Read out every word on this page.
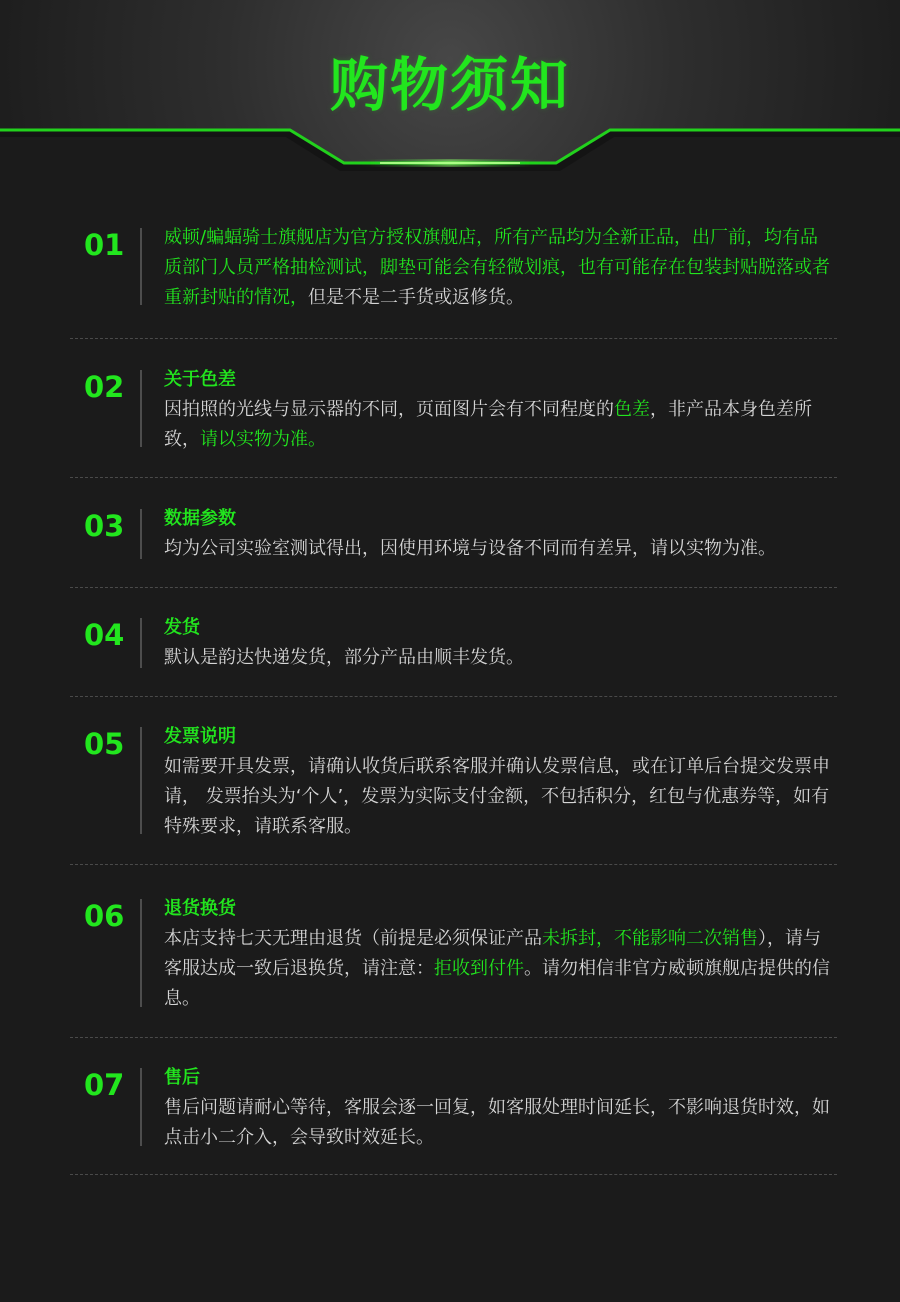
购物须知
01 威顿/蝙蝠骑士旗舰店为官方授权旗舰店，所有产品均为全新正品，出厂前，均有品质部门人员严格抽检测试，脚垫可能会有轻微划痕，也有可能存在包装封贴脱落或者重新封贴的情况，但是不是二手货或返修货。
02 关于色差
因拍照的光线与显示器的不同，页面图片会有不同程度的色差，非产品本身色差所致，请以实物为准。
03 数据参数
均为公司实验室测试得出，因使用环境与设备不同而有差异，请以实物为准。
04 发货
默认是韵达快递发货，部分产品由顺丰发货。
05 发票说明
如需要开具发票，请确认收货后联系客服并确认发票信息，或在订单后台提交发票申请， 发票抬头为‘个人’，发票为实际支付金额，不包括积分，红包与优惠券等，如有特殊要求，请联系客服。
06 退货换货
本店支持七天无理由退货（前提是必须保证产品未拆封，不能影响二次销售），请与客服达成一致后退换货，请注意：拒收到付件。请勿相信非官方威顿旗舰店提供的信息。
07 售后
售后问题请耐心等待，客服会逐一回复，如客服处理时间延长，不影响退货时效，如点击小二介入，会导致时效延长。
